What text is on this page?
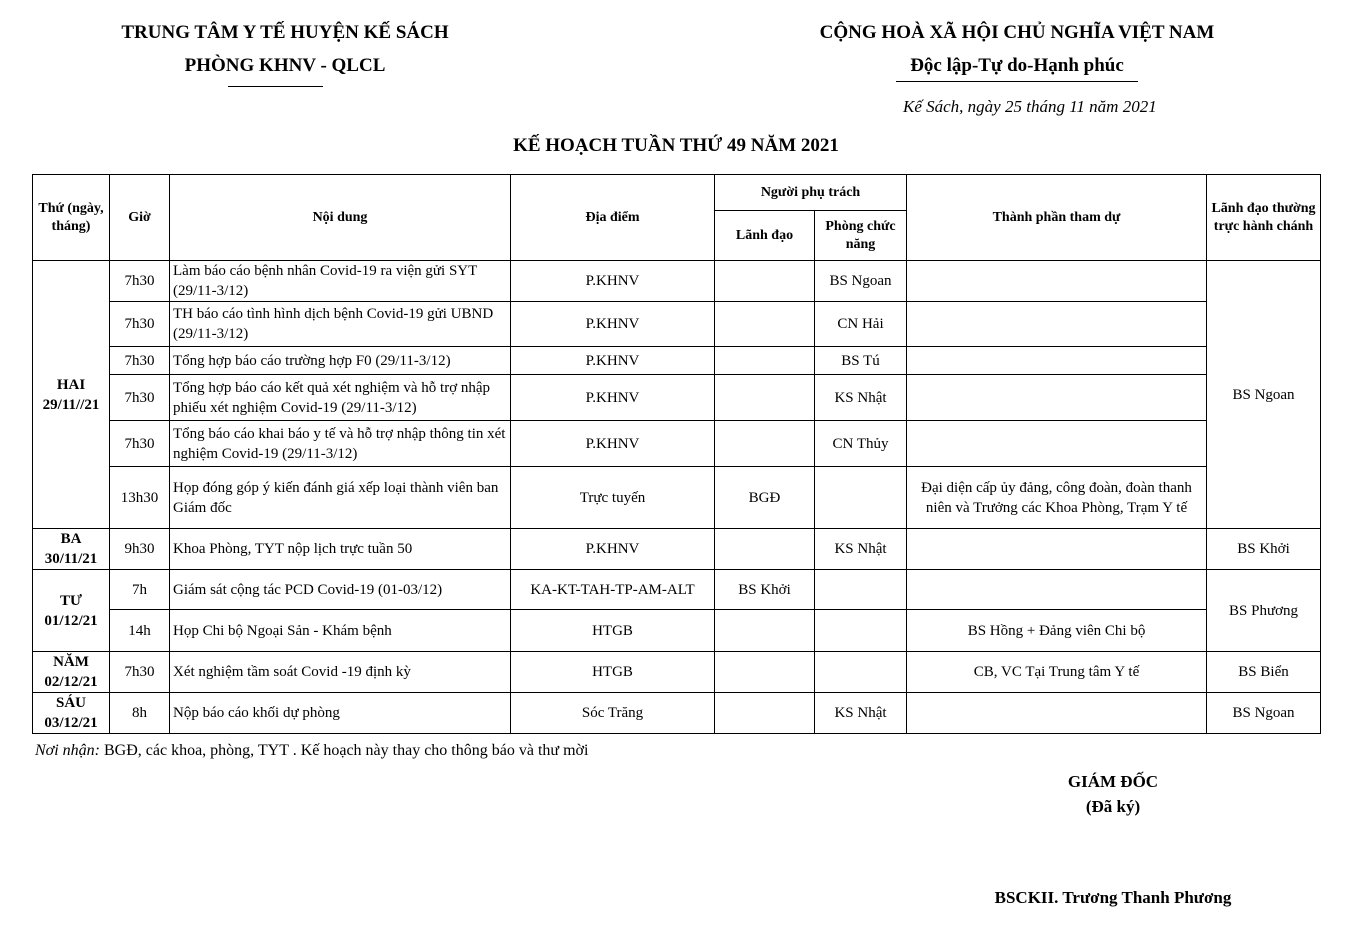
TRUNG TÂM Y TẾ HUYỆN KẾ SÁCH
PHÒNG KHNV - QLCL
CỘNG HOÀ XÃ HỘI CHỦ NGHĨA VIỆT NAM
Độc lập-Tự do-Hạnh phúc
Kế Sách, ngày 25 tháng 11 năm 2021
KẾ HOẠCH TUẦN THỨ 49 NĂM 2021
Thứ (ngày, tháng)	Giờ	Nội dung	Địa điểm	Người phụ trách		Thành phần tham dự	Lãnh đạo thường trực hành chánh
				Lãnh đạo	Phòng chức năng		
HAI
29/11//21	7h30	Làm báo cáo bệnh nhân Covid-19 ra viện gửi SYT (29/11-3/12)	P.KHNV		BS Ngoan		BS Ngoan
	7h30	TH báo cáo tình hình dịch bệnh Covid-19 gửi UBND (29/11-3/12)	P.KHNV		CN Hải		
	7h30	Tổng hợp báo cáo trường hợp F0 (29/11-3/12)	P.KHNV		BS Tú		
	7h30	Tổng hợp báo cáo kết quả xét nghiệm và hỗ trợ nhập phiếu xét nghiệm Covid-19 (29/11-3/12)	P.KHNV		KS Nhật		
	7h30	Tổng báo cáo khai báo y tế và hỗ trợ nhập thông tin xét nghiệm Covid-19 (29/11-3/12)	P.KHNV		CN Thủy		
	13h30	Họp đóng góp ý kiến đánh giá xếp loại thành viên ban Giám đốc	Trực tuyến	BGĐ		Đại diện cấp ủy đảng, công đoàn, đoàn thanh niên và Trưởng các Khoa Phòng, Trạm Y tế	
BA
30/11/21	9h30	Khoa Phòng, TYT nộp lịch trực tuần 50	P.KHNV		KS Nhật		BS Khởi
TƯ
01/12/21	7h	Giám sát cộng tác PCD Covid-19 (01-03/12)	KA-KT-TAH-TP-AM-ALT	BS Khởi			BS Phương
	14h	Họp Chi bộ Ngoại Sản - Khám bệnh	HTGB			BS Hồng + Đảng viên Chi bộ	
NĂM
02/12/21	7h30	Xét nghiệm tầm soát Covid -19 định kỳ	HTGB			CB, VC Tại Trung tâm Y tế	BS Biển
SÁU
03/12/21	8h	Nộp báo cáo khối dự phòng	Sóc Trăng		KS Nhật		BS Ngoan
Nơi nhận: BGĐ, các khoa, phòng, TYT . Kế hoạch này thay cho thông báo và thư mời
GIÁM ĐỐC
(Đã ký)
BSCKII. Trương Thanh Phương
